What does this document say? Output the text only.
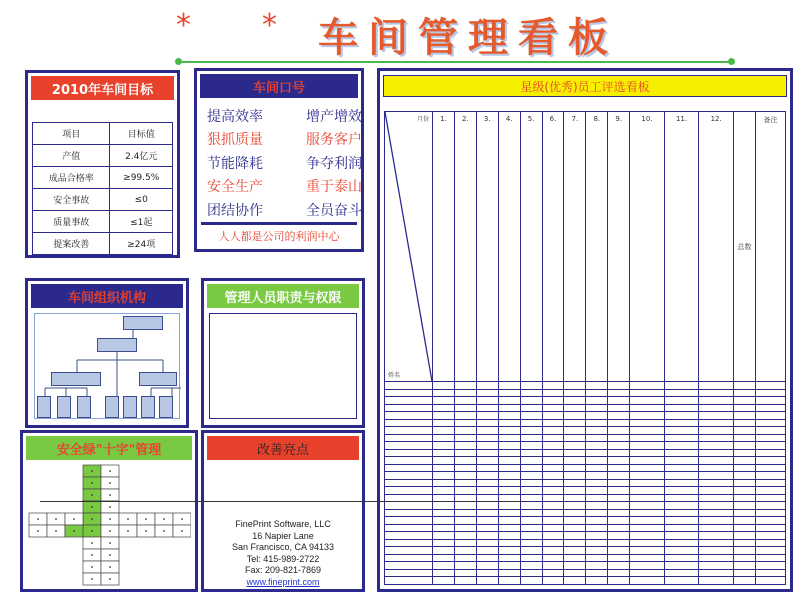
* * 车间管理看板
2010年车间目标
项目	目标值
产值	2.4亿元
成品合格率	≥99.5%
安全事故	≤0
质量事故	≤1起
提案改善	≥24项
车间口号
提高效率	增产增效
狠抓质量	服务客户
节能降耗	争夺利润
安全生产	重于泰山
团结协作	全员奋斗
人人都是公司的利润中心
星级(优秀)员工评选看板
月份
姓名	1.	2.	3.	4.	5.	6.	7.	8.	9.	10.	11.	12.	总数	备注

车间组织机构	管理人员职责与权限
安全绿"十字"管理	改善亮点
FinePrint Software, LLC
16 Napier Lane
San Francisco, CA 94133
Tel: 415-989-2722
Fax: 209-821-7869
www.fineprint.com
